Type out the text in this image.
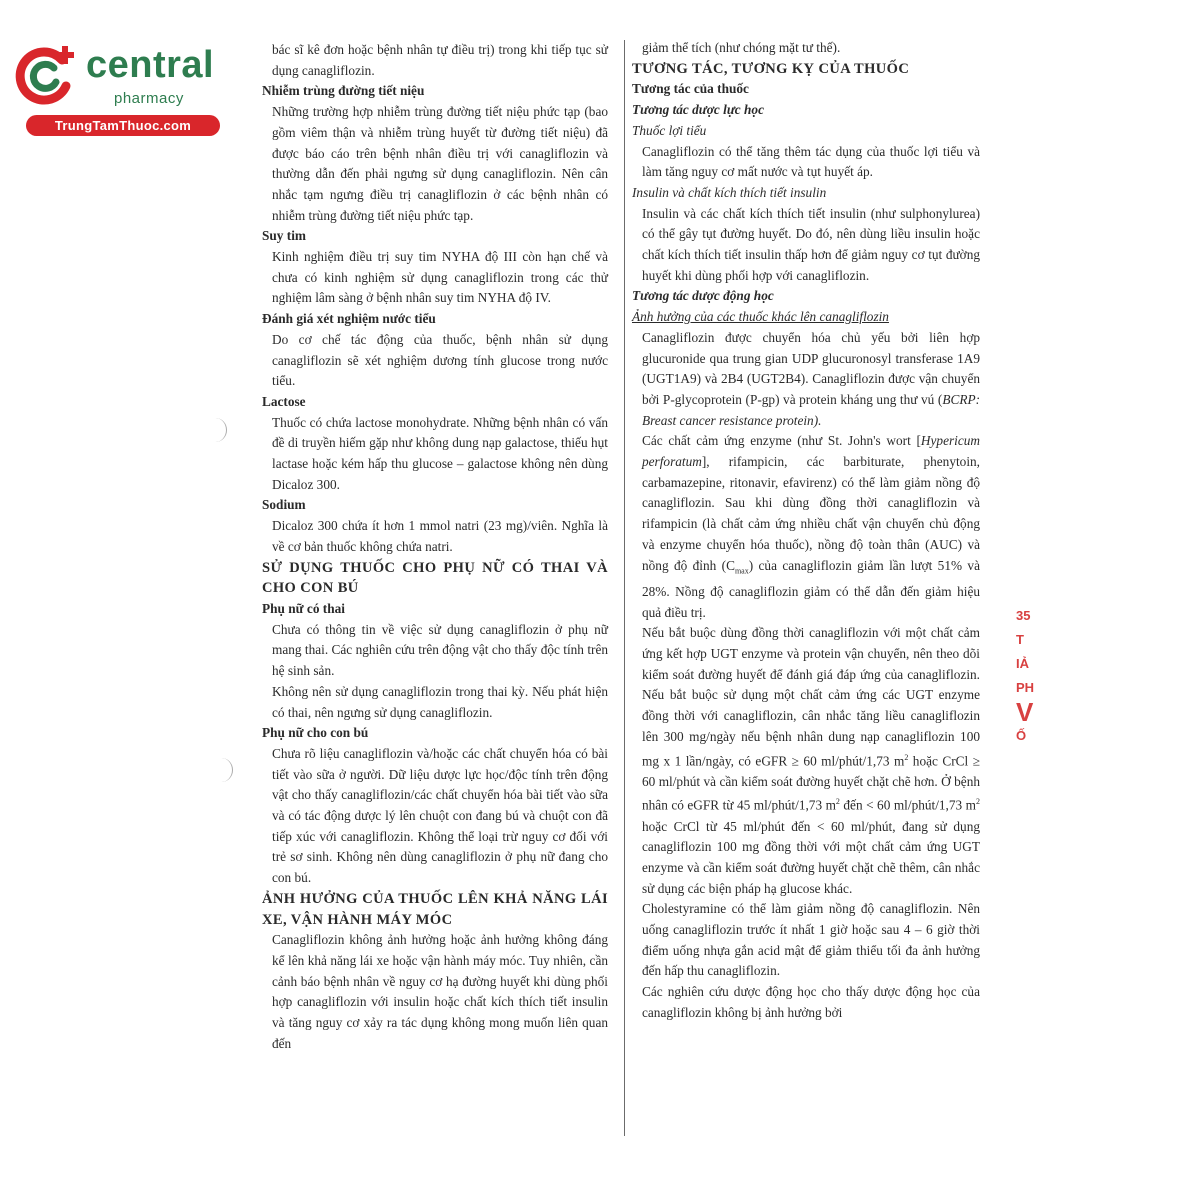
central
pharmacy
TrungTamThuoc.com

bác sĩ kê đơn hoặc bệnh nhân tự điều trị) trong khi tiếp tục sử dụng canagliflozin.

Nhiễm trùng đường tiết niệu

Những trường hợp nhiễm trùng đường tiết niệu phức tạp (bao gồm viêm thận và nhiễm trùng huyết từ đường tiết niệu) đã được báo cáo trên bệnh nhân điều trị với canagliflozin và thường dẫn đến phải ngưng sử dụng canagliflozin. Nên cân nhắc tạm ngưng điều trị canagliflozin ở các bệnh nhân có nhiễm trùng đường tiết niệu phức tạp.

Suy tim

Kinh nghiệm điều trị suy tim NYHA độ III còn hạn chế và chưa có kinh nghiệm sử dụng canagliflozin trong các thử nghiệm lâm sàng ở bệnh nhân suy tim NYHA độ IV.

Đánh giá xét nghiệm nước tiểu

Do cơ chế tác động của thuốc, bệnh nhân sử dụng canagliflozin sẽ xét nghiệm dương tính glucose trong nước tiểu.

Lactose

Thuốc có chứa lactose monohydrate. Những bệnh nhân có vấn đề di truyền hiếm gặp như không dung nạp galactose, thiếu hụt lactase hoặc kém hấp thu glucose – galactose không nên dùng Dicaloz 300.

Sodium

Dicaloz 300 chứa ít hơn 1 mmol natri (23 mg)/viên. Nghĩa là về cơ bản thuốc không chứa natri.

SỬ DỤNG THUỐC CHO PHỤ NỮ CÓ THAI VÀ CHO CON BÚ

Phụ nữ có thai

Chưa có thông tin về việc sử dụng canagliflozin ở phụ nữ mang thai. Các nghiên cứu trên động vật cho thấy độc tính trên hệ sinh sản.

Không nên sử dụng canagliflozin trong thai kỳ. Nếu phát hiện có thai, nên ngưng sử dụng canagliflozin.

Phụ nữ cho con bú

Chưa rõ liệu canagliflozin và/hoặc các chất chuyển hóa có bài tiết vào sữa ở người. Dữ liệu dược lực học/độc tính trên động vật cho thấy canagliflozin/các chất chuyển hóa bài tiết vào sữa và có tác động dược lý lên chuột con đang bú và chuột con đã tiếp xúc với canagliflozin. Không thể loại trừ nguy cơ đối với trẻ sơ sinh. Không nên dùng canagliflozin ở phụ nữ đang cho con bú.

ẢNH HƯỞNG CỦA THUỐC LÊN KHẢ NĂNG LÁI XE, VẬN HÀNH MÁY MÓC

Canagliflozin không ảnh hưởng hoặc ảnh hưởng không đáng kể lên khả năng lái xe hoặc vận hành máy móc. Tuy nhiên, cần cảnh báo bệnh nhân về nguy cơ hạ đường huyết khi dùng phối hợp canagliflozin với insulin hoặc chất kích thích tiết insulin và tăng nguy cơ xảy ra tác dụng không mong muốn liên quan đến

giảm thể tích (như chóng mặt tư thế).

TƯƠNG TÁC, TƯƠNG KỴ CỦA THUỐC

Tương tác của thuốc

Tương tác dược lực học

Thuốc lợi tiểu

Canagliflozin có thể tăng thêm tác dụng của thuốc lợi tiểu và làm tăng nguy cơ mất nước và tụt huyết áp.

Insulin và chất kích thích tiết insulin

Insulin và các chất kích thích tiết insulin (như sulphonylurea) có thể gây tụt đường huyết. Do đó, nên dùng liều insulin hoặc chất kích thích tiết insulin thấp hơn để giảm nguy cơ tụt đường huyết khi dùng phối hợp với canagliflozin.

Tương tác dược động học

Ảnh hưởng của các thuốc khác lên canagliflozin

Canagliflozin được chuyển hóa chủ yếu bởi liên hợp glucuronide qua trung gian UDP glucuronosyl transferase 1A9 (UGT1A9) và 2B4 (UGT2B4). Canagliflozin được vận chuyển bởi P-glycoprotein (P-gp) và protein kháng ung thư vú (BCRP: Breast cancer resistance protein).

Các chất cảm ứng enzyme (như St. John's wort [Hypericum perforatum], rifampicin, các barbiturate, phenytoin, carbamazepine, ritonavir, efavirenz) có thể làm giảm nồng độ canagliflozin. Sau khi dùng đồng thời canagliflozin và rifampicin (là chất cảm ứng nhiều chất vận chuyển chủ động và enzyme chuyển hóa thuốc), nồng độ toàn thân (AUC) và nồng độ đỉnh $(C_{max})$ của canagliflozin giảm lần lượt 51% và 28%. Nồng độ canagliflozin giảm có thể dẫn đến giảm hiệu quả điều trị.

Nếu bắt buộc dùng đồng thời canagliflozin với một chất cảm ứng kết hợp UGT enzyme và protein vận chuyển, nên theo dõi kiểm soát đường huyết để đánh giá đáp ứng của canagliflozin. Nếu bắt buộc sử dụng một chất cảm ứng các UGT enzyme đồng thời với canagliflozin, cân nhắc tăng liều canagliflozin lên 300 mg/ngày nếu bệnh nhân dung nạp canagliflozin 100 mg x 1 lần/ngày, có eGFR ≥ 60 ml/phút/1,73 $m^2$ hoặc CrCl ≥ 60 ml/phút và cần kiểm soát đường huyết chặt chẽ hơn. Ở bệnh nhân có eGFR từ 45 ml/phút/1,73 $m^2$ đến < 60 ml/phút/1,73 $m^2$ hoặc CrCl từ 45 ml/phút đến < 60 ml/phút, đang sử dụng canagliflozin 100 mg đồng thời với một chất cảm ứng UGT enzyme và cần kiểm soát đường huyết chặt chẽ thêm, cân nhắc sử dụng các biện pháp hạ glucose khác.

Cholestyramine có thể làm giảm nồng độ canagliflozin. Nên uống canagliflozin trước ít nhất 1 giờ hoặc sau 4 – 6 giờ thời điểm uống nhựa gắn acid mật để giảm thiểu tối đa ảnh hưởng đến hấp thu canagliflozin.

Các nghiên cứu dược động học cho thấy dược động học của canagliflozin không bị ảnh hưởng bởi

35
T
IẢ
PH
V
Ố
